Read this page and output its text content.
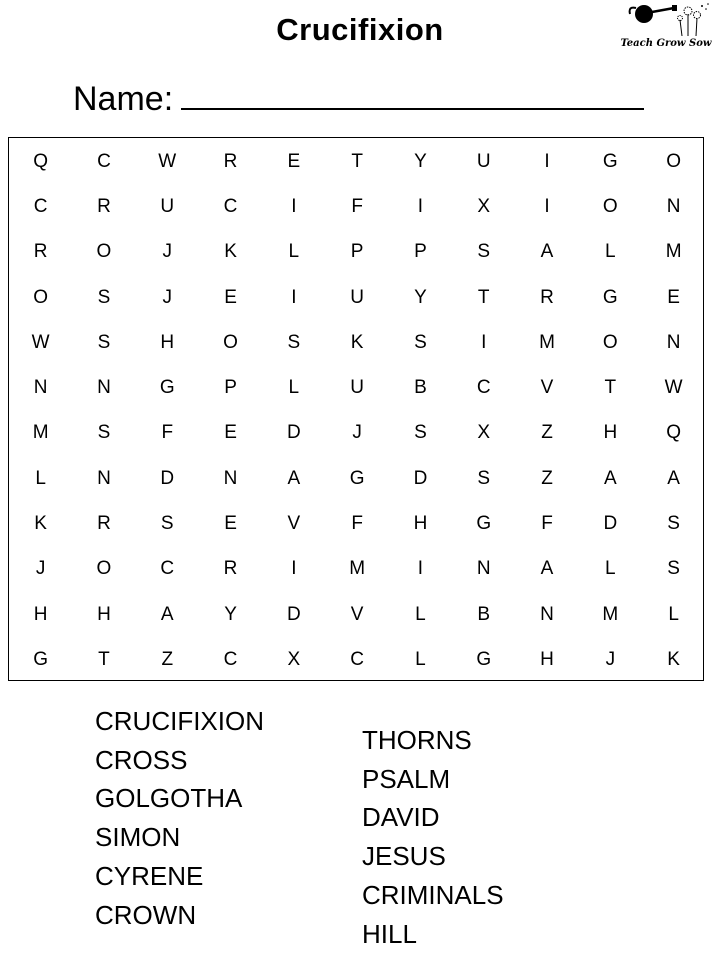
Crucifixion	Teach Grow Sow
Name:
Q	C	W	R	E	T	Y	U	I	G	O
C	R	U	C	I	F	I	X	I	O	N
R	O	J	K	L	P	P	S	A	L	M
O	S	J	E	I	U	Y	T	R	G	E
W	S	H	O	S	K	S	I	M	O	N
N	N	G	P	L	U	B	C	V	T	W
M	S	F	E	D	J	S	X	Z	H	Q
L	N	D	N	A	G	D	S	Z	A	A
K	R	S	E	V	F	H	G	F	D	S
J	O	C	R	I	M	I	N	A	L	S
H	H	A	Y	D	V	L	B	N	M	L
G	T	Z	C	X	C	L	G	H	J	K
CRUCIFIXION
CROSS
GOLGOTHA
SIMON
CYRENE
CROWN
THORNS
PSALM
DAVID
JESUS
CRIMINALS
HILL
